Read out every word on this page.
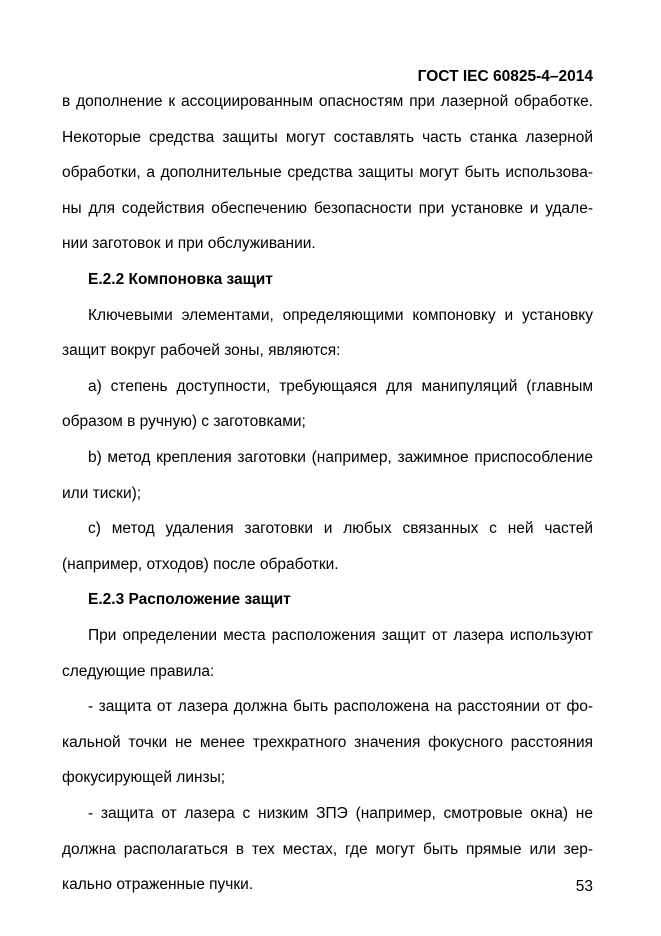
ГОСТ IEC 60825-4–2014
в дополнение к ассоциированным опасностям при лазерной обработке.
Некоторые средства защиты могут составлять часть станка лазерной
обработки, а дополнительные средства защиты могут быть использова-
ны для содействия обеспечению безопасности при установке и удале-
нии заготовок и при обслуживании.
Е.2.2 Компоновка защит
Ключевыми элементами, определяющими компоновку и установку
защит вокруг рабочей зоны, являются:
а) степень доступности, требующаяся для манипуляций (главным
образом в ручную) с заготовками;
b) метод крепления заготовки (например, зажимное приспособление
или тиски);
с) метод удаления заготовки и любых связанных с ней частей
(например, отходов) после обработки.
Е.2.3 Расположение защит
При определении места расположения защит от лазера используют
следующие правила:
- защита от лазера должна быть расположена на расстоянии от фо-
кальной точки не менее трехкратного значения фокусного расстояния
фокусирующей линзы;
- защита от лазера с низким ЗПЭ (например, смотровые окна) не
должна располагаться в тех местах, где могут быть прямые или зер-
кально отраженные пучки.	53
